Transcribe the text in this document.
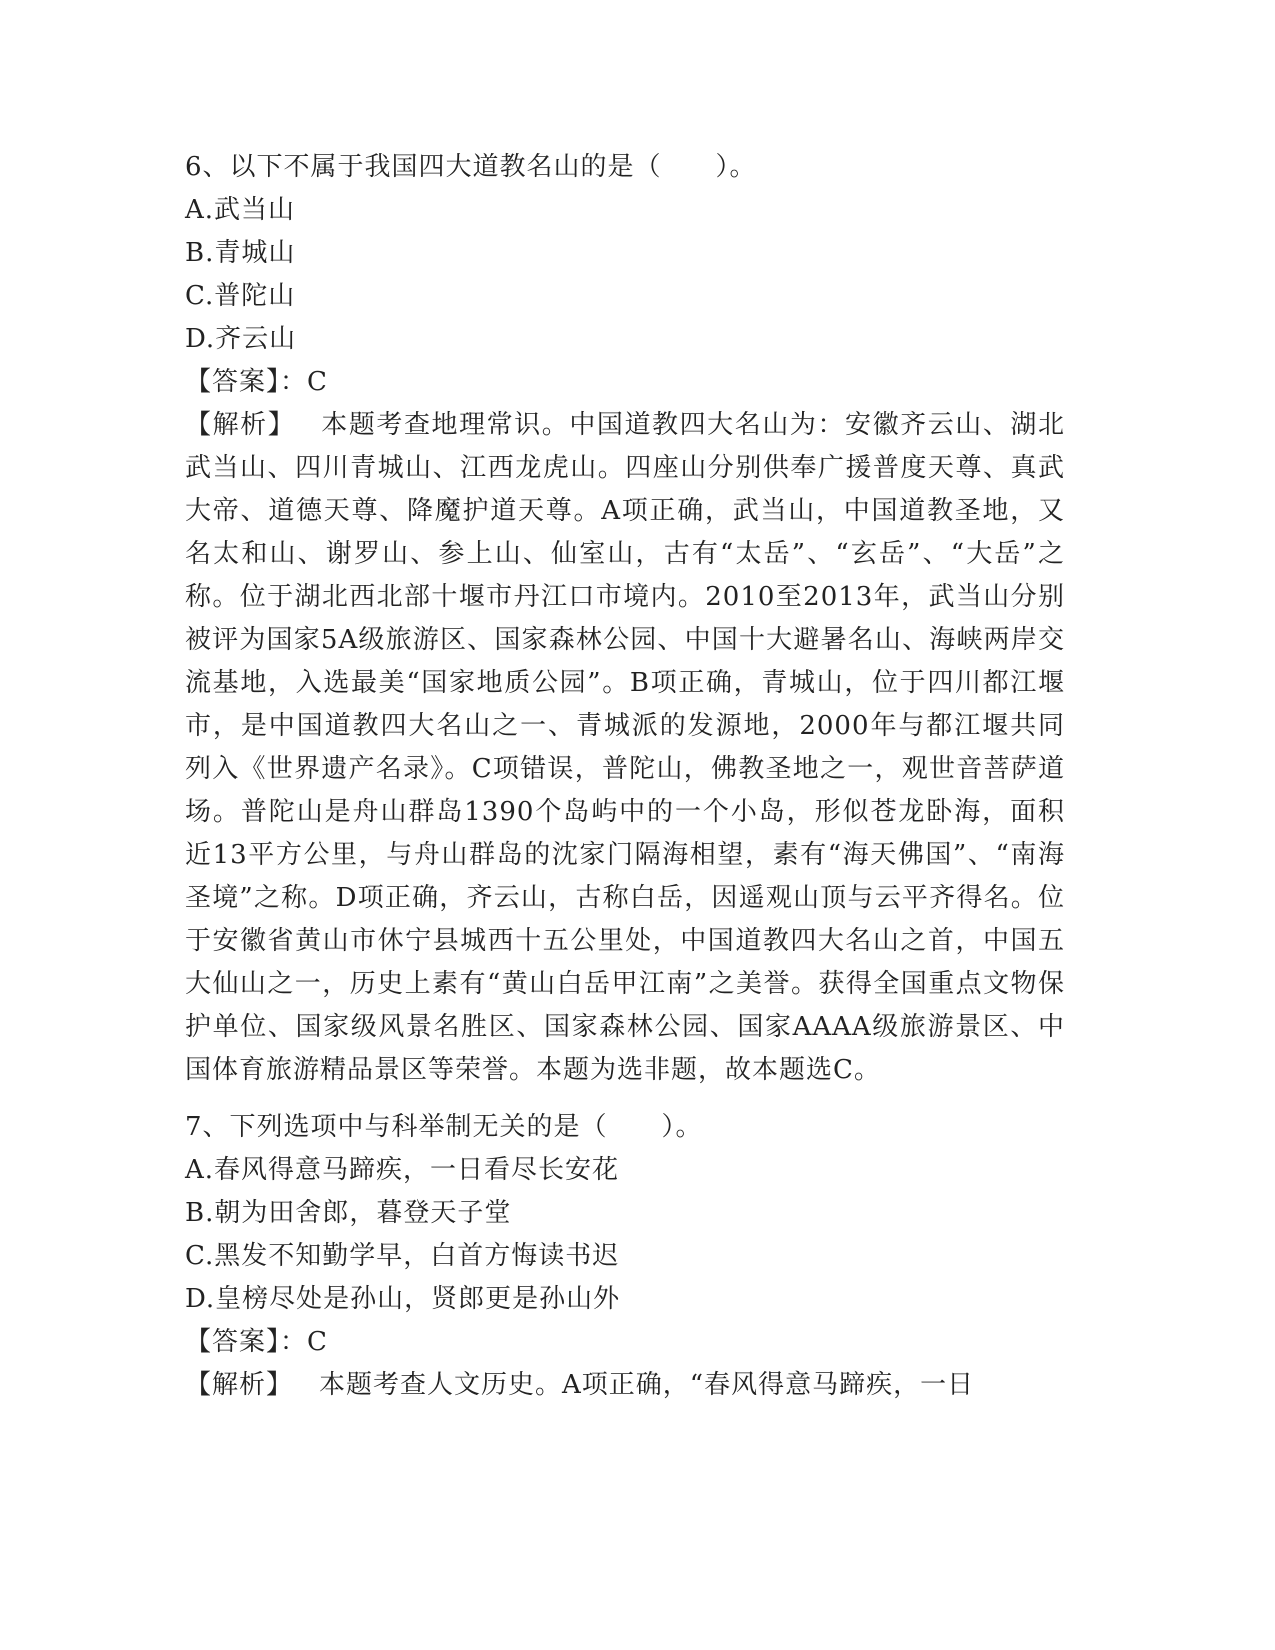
6、以下不属于我国四大道教名山的是（　　）。
A.武当山
B.青城山
C.普陀山
D.齐云山
【答案】：C
【解析】 本题考查地理常识。中国道教四大名山为：安徽齐云山、湖北武当山、四川青城山、江西龙虎山。四座山分别供奉广援普度天尊、真武大帝、道德天尊、降魔护道天尊。A项正确，武当山，中国道教圣地，又名太和山、谢罗山、参上山、仙室山，古有“太岳”、“玄岳”、“大岳”之称。位于湖北西北部十堰市丹江口市境内。2010至2013年，武当山分别被评为国家5A级旅游区、国家森林公园、中国十大避暑名山、海峡两岸交流基地，入选最美“国家地质公园”。B项正确，青城山，位于四川都江堰市，是中国道教四大名山之一、青城派的发源地，2000年与都江堰共同列入《世界遗产名录》。C项错误，普陀山，佛教圣地之一，观世音菩萨道场。普陀山是舟山群岛1390个岛屿中的一个小岛，形似苍龙卧海，面积近13平方公里，与舟山群岛的沈家门隔海相望，素有“海天佛国”、“南海圣境”之称。D项正确，齐云山，古称白岳，因遥观山顶与云平齐得名。位于安徽省黄山市休宁县城西十五公里处，中国道教四大名山之首，中国五大仙山之一，历史上素有“黄山白岳甲江南”之美誉。获得全国重点文物保护单位、国家级风景名胜区、国家森林公园、国家AAAA级旅游景区、中国体育旅游精品景区等荣誉。本题为选非题，故本题选C。
7、下列选项中与科举制无关的是（　　）。
A.春风得意马蹄疾，一日看尽长安花
B.朝为田舍郎，暮登天子堂
C.黑发不知勤学早，白首方悔读书迟
D.皇榜尽处是孙山，贤郎更是孙山外
【答案】：C
【解析】 本题考查人文历史。A项正确，“春风得意马蹄疾，一日
